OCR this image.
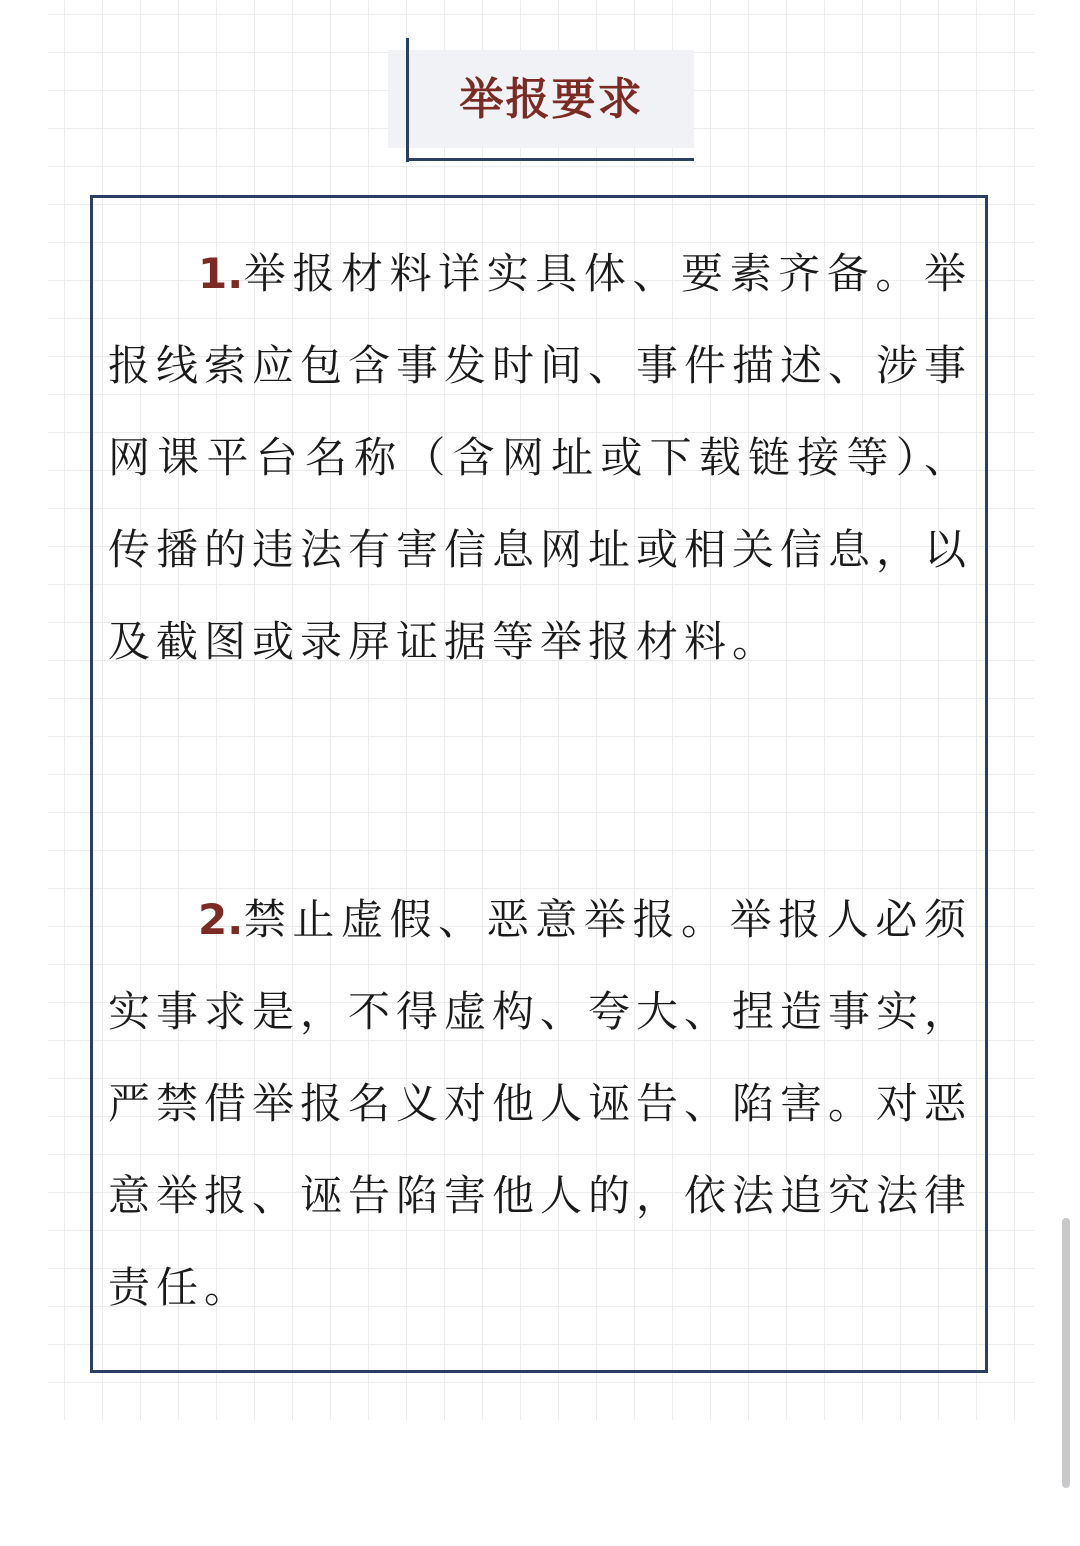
举报要求
1.举报材料详实具体、要素齐备。举报线索应包含事发时间、事件描述、涉事网课平台名称（含网址或下载链接等）、传播的违法有害信息网址或相关信息，以及截图或录屏证据等举报材料。
2.禁止虚假、恶意举报。举报人必须实事求是，不得虚构、夸大、捏造事实，严禁借举报名义对他人诬告、陷害。对恶意举报、诬告陷害他人的，依法追究法律责任。
